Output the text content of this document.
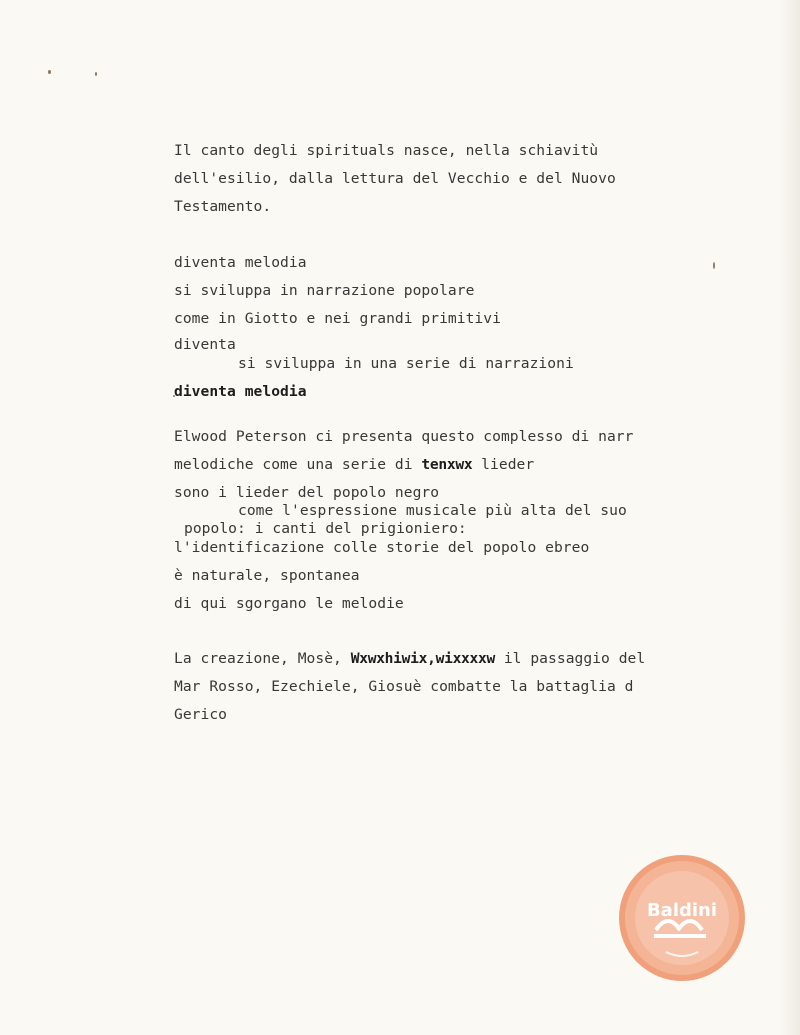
Il canto degli spirituals nasce, nella schiavitù
dell'esilio, dalla lettura del Vecchio e del Nuovo
Testamento.
diventa melodia
si sviluppa in narrazione popolare
come in Giotto e nei grandi primitivi
diventa
si sviluppa in una serie di narrazioni
diventa melodia
Elwood Peterson ci presenta questo complesso di narr
melodiche come una serie di tenxwx lieder
sono i lieder del popolo negro
come l'espressione musicale più alta del suo
popolo: i canti del prigioniero:
l'identificazione colle storie del popolo ebreo
è naturale, spontanea
di qui sgorgano le melodie
La creazione, Mosè, Wxwxhiwix,wixxxxw il passaggio del
Mar Rosso, Ezechiele, Giosuè combatte la battaglia d
Gerico
Baldini
